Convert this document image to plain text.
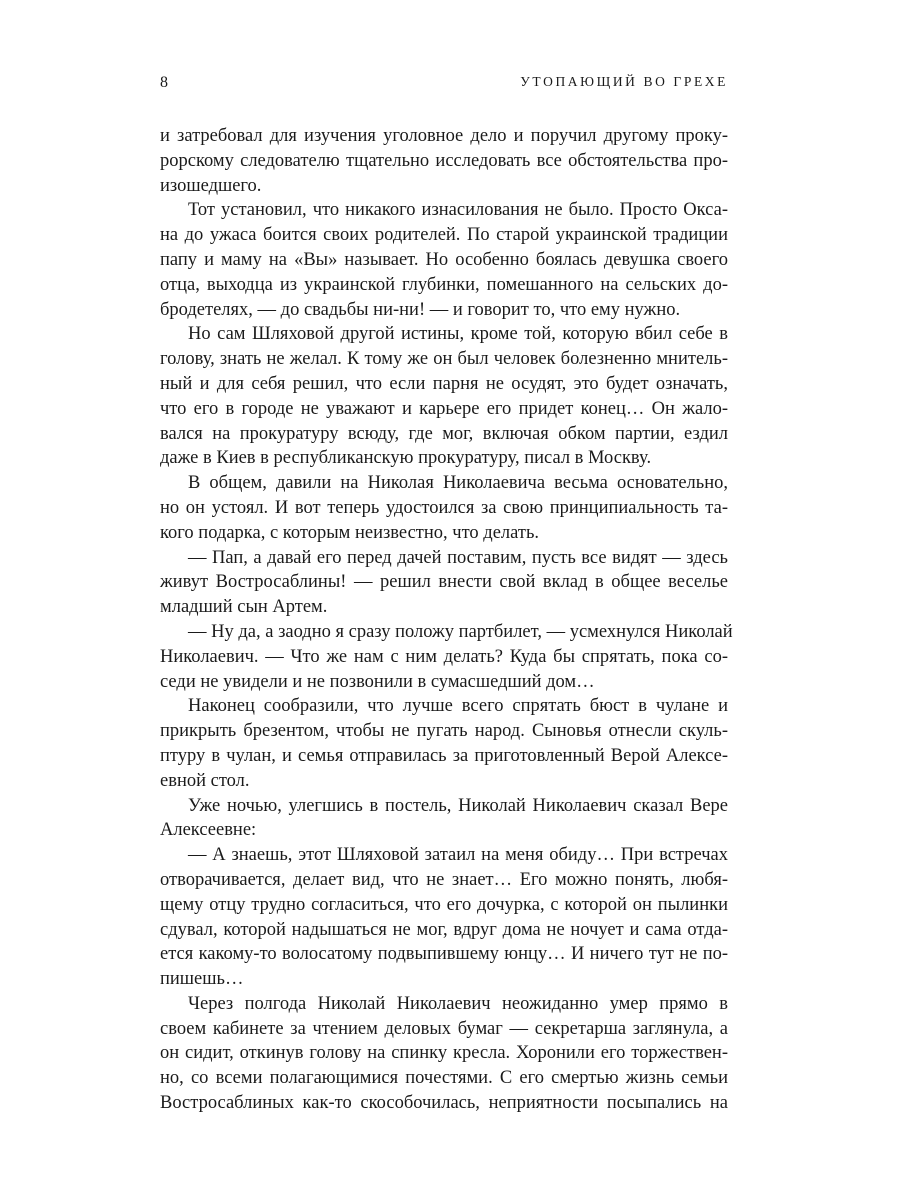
8	УТОПАЮЩИЙ ВО ГРЕХЕ
и затребовал для изучения уголовное дело и поручил другому проку-
рорскому следователю тщательно исследовать все обстоятельства про-
изошедшего.
Тот установил, что никакого изнасилования не было. Просто Окса-
на до ужаса боится своих родителей. По старой украинской традиции
папу и маму на «Вы» называет. Но особенно боялась девушка своего
отца, выходца из украинской глубинки, помешанного на сельских до-
бродетелях, — до свадьбы ни-ни! — и говорит то, что ему нужно.
Но сам Шляховой другой истины, кроме той, которую вбил себе в
голову, знать не желал. К тому же он был человек болезненно мнитель-
ный и для себя решил, что если парня не осудят, это будет означать,
что его в городе не уважают и карьере его придет конец… Он жало-
вался на прокуратуру всюду, где мог, включая обком партии, ездил
даже в Киев в республиканскую прокуратуру, писал в Москву.
В общем, давили на Николая Николаевича весьма основательно,
но он устоял. И вот теперь удостоился за свою принципиальность та-
кого подарка, с которым неизвестно, что делать.
— Пап, а давай его перед дачей поставим, пусть все видят — здесь
живут Востросаблины! — решил внести свой вклад в общее веселье
младший сын Артем.
— Ну да, а заодно я сразу положу партбилет, — усмехнулся Николай
Николаевич. — Что же нам с ним делать? Куда бы спрятать, пока со-
седи не увидели и не позвонили в сумасшедший дом…
Наконец сообразили, что лучше всего спрятать бюст в чулане и
прикрыть брезентом, чтобы не пугать народ. Сыновья отнесли скуль-
птуру в чулан, и семья отправилась за приготовленный Верой Алексе-
евной стол.
Уже ночью, улегшись в постель, Николай Николаевич сказал Вере
Алексеевне:
— А знаешь, этот Шляховой затаил на меня обиду… При встречах
отворачивается, делает вид, что не знает… Его можно понять, любя-
щему отцу трудно согласиться, что его дочурка, с которой он пылинки
сдувал, которой надышаться не мог, вдруг дома не ночует и сама отда-
ется какому-то волосатому подвыпившему юнцу… И ничего тут не по-
пишешь…
Через полгода Николай Николаевич неожиданно умер прямо в
своем кабинете за чтением деловых бумаг — секретарша заглянула, а
он сидит, откинув голову на спинку кресла. Хоронили его торжествен-
но, со всеми полагающимися почестями. С его смертью жизнь семьи
Востросаблиных как-то скособочилась, неприятности посыпались на
